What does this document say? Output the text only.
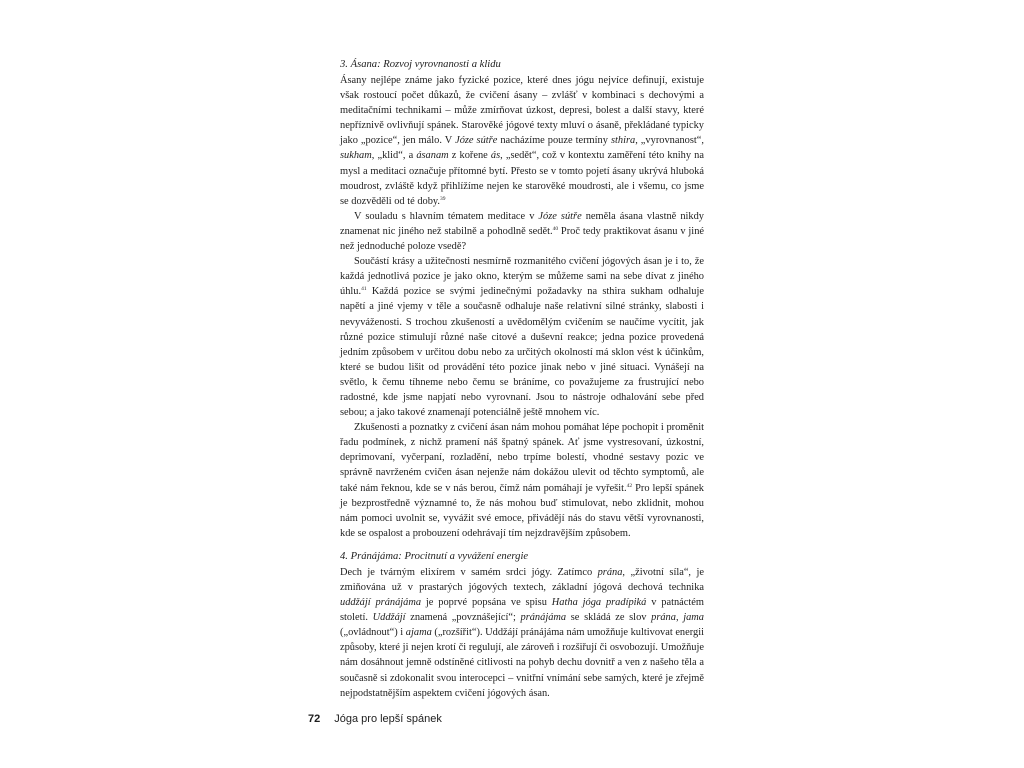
3. Ásana: Rozvoj vyrovnanosti a klidu

Ásany nejlépe známe jako fyzické pozice, které dnes jógu nejvíce definují, existuje však rostoucí počet důkazů, že cvičení ásany – zvlášť v kombinaci s dechovými a meditačními technikami – může zmírňovat úzkost, depresi, bolest a další stavy, které nepříznivě ovlivňují spánek. Starověké jógové texty mluví o ásaně, překládané typicky jako „pozice“, jen málo. V Józe sútře nacházíme pouze termíny sthira, „vyrovnanost“, sukham, „klid“, a ásanam z kořene ás, „sedět“, což v kontextu zaměření této knihy na mysl a meditaci označuje přítomné bytí. Přesto se v tomto pojetí ásany ukrývá hluboká moudrost, zvláště když přihlížíme nejen ke starověké moudrosti, ale i všemu, co jsme se dozvěděli od té doby.$^{39}$

V souladu s hlavním tématem meditace v Józe sútře neměla ásana vlastně nikdy znamenat nic jiného než stabilně a pohodlně sedět.$^{40}$ Proč tedy praktikovat ásanu v jiné než jednoduché poloze vsedě?

Součástí krásy a užitečnosti nesmírně rozmanitého cvičení jógových ásan je i to, že každá jednotlivá pozice je jako okno, kterým se můžeme sami na sebe dívat z jiného úhlu.$^{41}$ Každá pozice se svými jedinečnými požadavky na sthira sukham odhaluje napětí a jiné vjemy v těle a současně odhaluje naše relativní silné stránky, slabosti i nevyváženosti. S trochou zkušeností a uvědomělým cvičením se naučíme vycítit, jak různé pozice stimulují různé naše citové a duševní reakce; jedna pozice provedená jedním způsobem v určitou dobu nebo za určitých okolností má sklon vést k účinkům, které se budou lišit od provádění této pozice jinak nebo v jiné situaci. Vynášejí na světlo, k čemu tíhneme nebo čemu se bráníme, co považujeme za frustrující nebo radostné, kde jsme napjatí nebo vyrovnaní. Jsou to nástroje odhalování sebe před sebou; a jako takové znamenají potenciálně ještě mnohem víc.

Zkušenosti a poznatky z cvičení ásan nám mohou pomáhat lépe pochopit i proměnit řadu podmínek, z nichž pramení náš špatný spánek. Ať jsme vystresovaní, úzkostní, deprimovaní, vyčerpaní, rozladění, nebo trpíme bolestí, vhodné sestavy pozic ve správně navrženém cvičen ásan nejenže nám dokážou ulevit od těchto symptomů, ale také nám řeknou, kde se v nás berou, čímž nám pomáhají je vyřešit.$^{42}$ Pro lepší spánek je bezprostředně významné to, že nás mohou buď stimulovat, nebo zklidnit, mohou nám pomoci uvolnit se, vyvážit své emoce, přivádějí nás do stavu větší vyrovnanosti, kde se ospalost a probouzení odehrávají tím nejzdravějším způsobem.

4. Pránájáma: Procitnutí a vyvážení energie

Dech je tvárným elixírem v samém srdci jógy. Zatímco prána, „životní síla“, je zmiňována už v prastarých jógových textech, základní jógová dechová technika uddžájí pránájáma je poprvé popsána ve spisu Hatha jóga pradípiká v patnáctém století. Uddžájí znamená „povznášející“; pránájáma se skládá ze slov prána, jama („ovládnout“) i ajama („rozšířit“). Uddžájí pránájáma nám umožňuje kultivovat energii způsoby, které ji nejen krotí či regulují, ale zároveň i rozšiřují či osvobozují. Umožňuje nám dosáhnout jemně odstíněné citlivosti na pohyb dechu dovnitř a ven z našeho těla a současně si zdokonalit svou interocepci – vnitřní vnímání sebe samých, které je zřejmě nejpodstatnějším aspektem cvičení jógových ásan.

72 Jóga pro lepší spánek
